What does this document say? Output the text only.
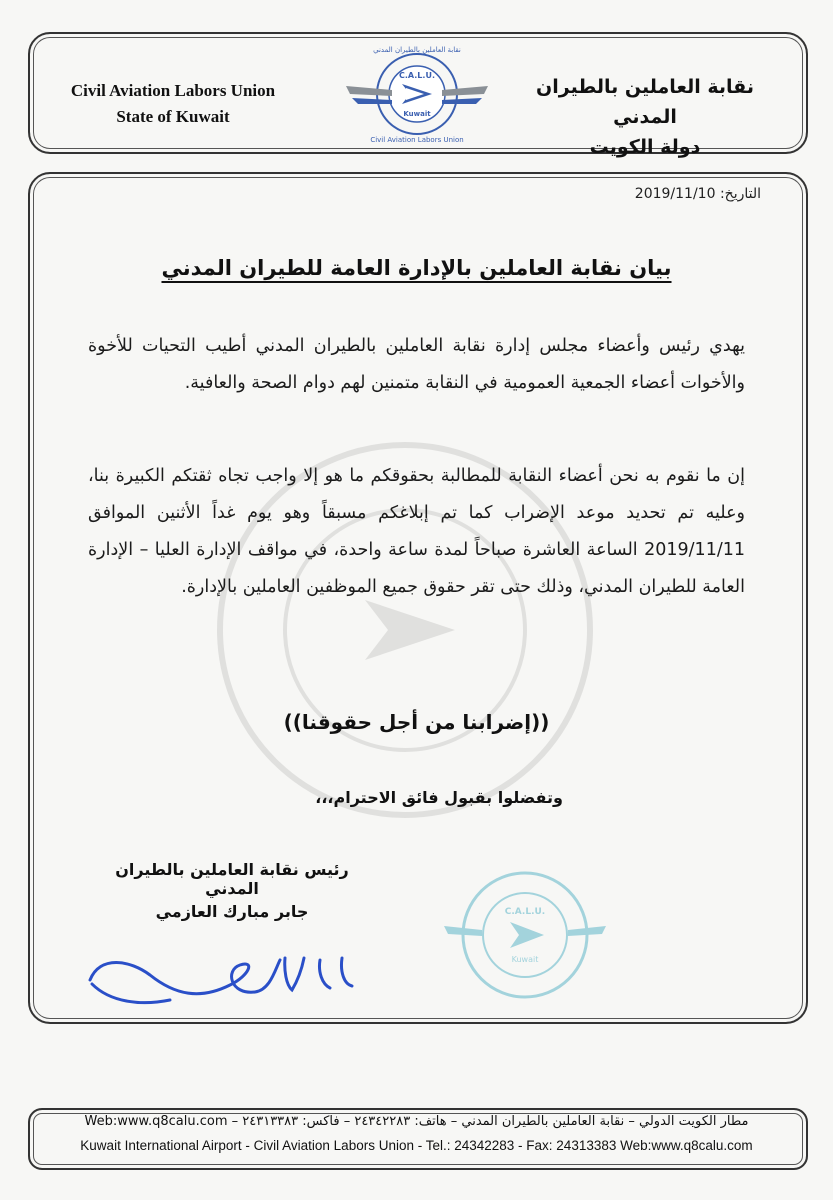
Civil Aviation Labors Union
State of Kuwait
C.A.L.U.
Kuwait
Civil Aviation Labors Union
نقابة العاملين بالطيران المدني
نقابة العاملين بالطيران المدني
دولة الكويت
التاريخ: 2019/11/10
بيان نقابة العاملين بالإدارة العامة للطيران المدني
يهدي رئيس وأعضاء مجلس إدارة نقابة العاملين بالطيران المدني أطيب التحيات للأخوة والأخوات أعضاء الجمعية العمومية في النقابة متمنين لهم دوام الصحة والعافية.
إن ما نقوم به نحن أعضاء النقابة للمطالبة بحقوقكم ما هو إلا واجب تجاه ثقتكم الكبيرة بنا، وعليه تم تحديد موعد الإضراب كما تم إبلاغكم مسبقاً وهو يوم غداً الأثنين الموافق 2019/11/11 الساعة العاشرة صباحاً لمدة ساعة واحدة، في مواقف الإدارة العليا – الإدارة العامة للطيران المدني، وذلك حتى تقر حقوق جميع الموظفين العاملين بالإدارة.
((إضرابنا من أجل حقوقنا))
وتفضلوا بقبول فائق الاحترام،،،
رئيس نقابة العاملين بالطيران المدني
جابر مبارك العازمي	C.A.L.U.
Kuwait
مطار الكويت الدولي – نقابة العاملين بالطيران المدني – هاتف: ٢٤٣٤٢٢٨٣ – فاكس: ٢٤٣١٣٣٨٣ – Web:www.q8calu.com
Kuwait International Airport - Civil Aviation Labors Union - Tel.: 24342283 - Fax: 24313383 Web:www.q8calu.com
